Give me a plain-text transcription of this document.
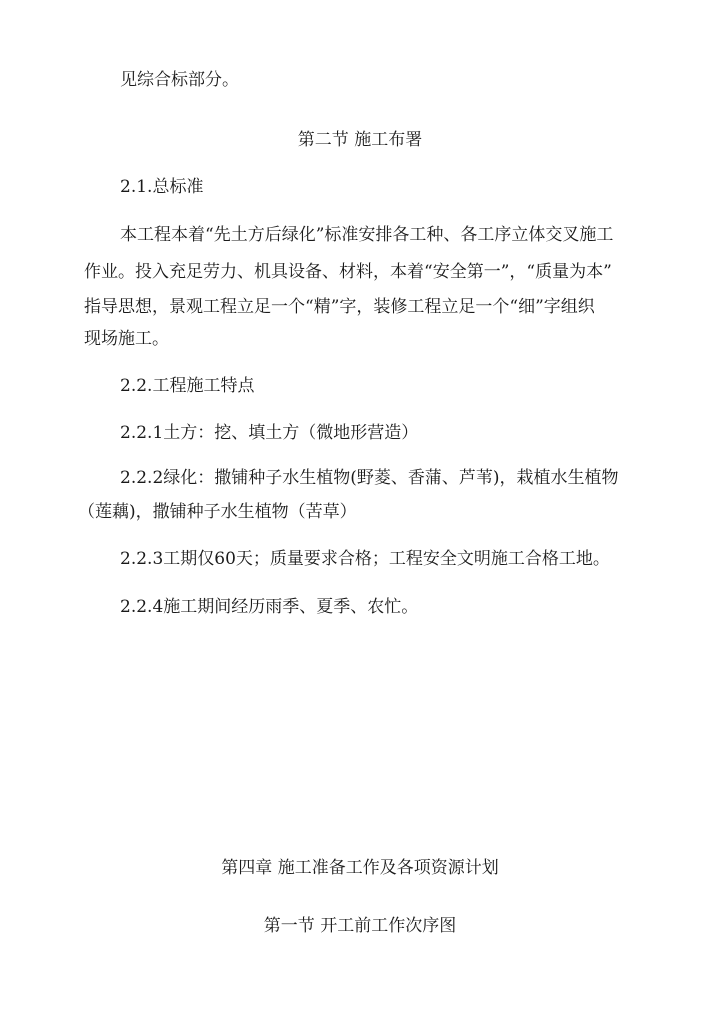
见综合标部分。
第二节 施工布署
2.1.总标准
本工程本着“先土方后绿化”标准安排各工种、各工序立体交叉施工
作业。投入充足劳力、机具设备、材料，本着“安全第一”，“质量为本”
指导思想，景观工程立足一个“精”字，装修工程立足一个“细”字组织
现场施工。
2.2.工程施工特点
2.2.1土方：挖、填土方（微地形营造）
2.2.2绿化：撒铺种子水生植物(野菱、香蒲、芦苇)，栽植水生植物
（莲藕)，撒铺种子水生植物（苦草）
2.2.3工期仅60天；质量要求合格；工程安全文明施工合格工地。
2.2.4施工期间经历雨季、夏季、农忙。
第四章 施工准备工作及各项资源计划
第一节 开工前工作次序图
